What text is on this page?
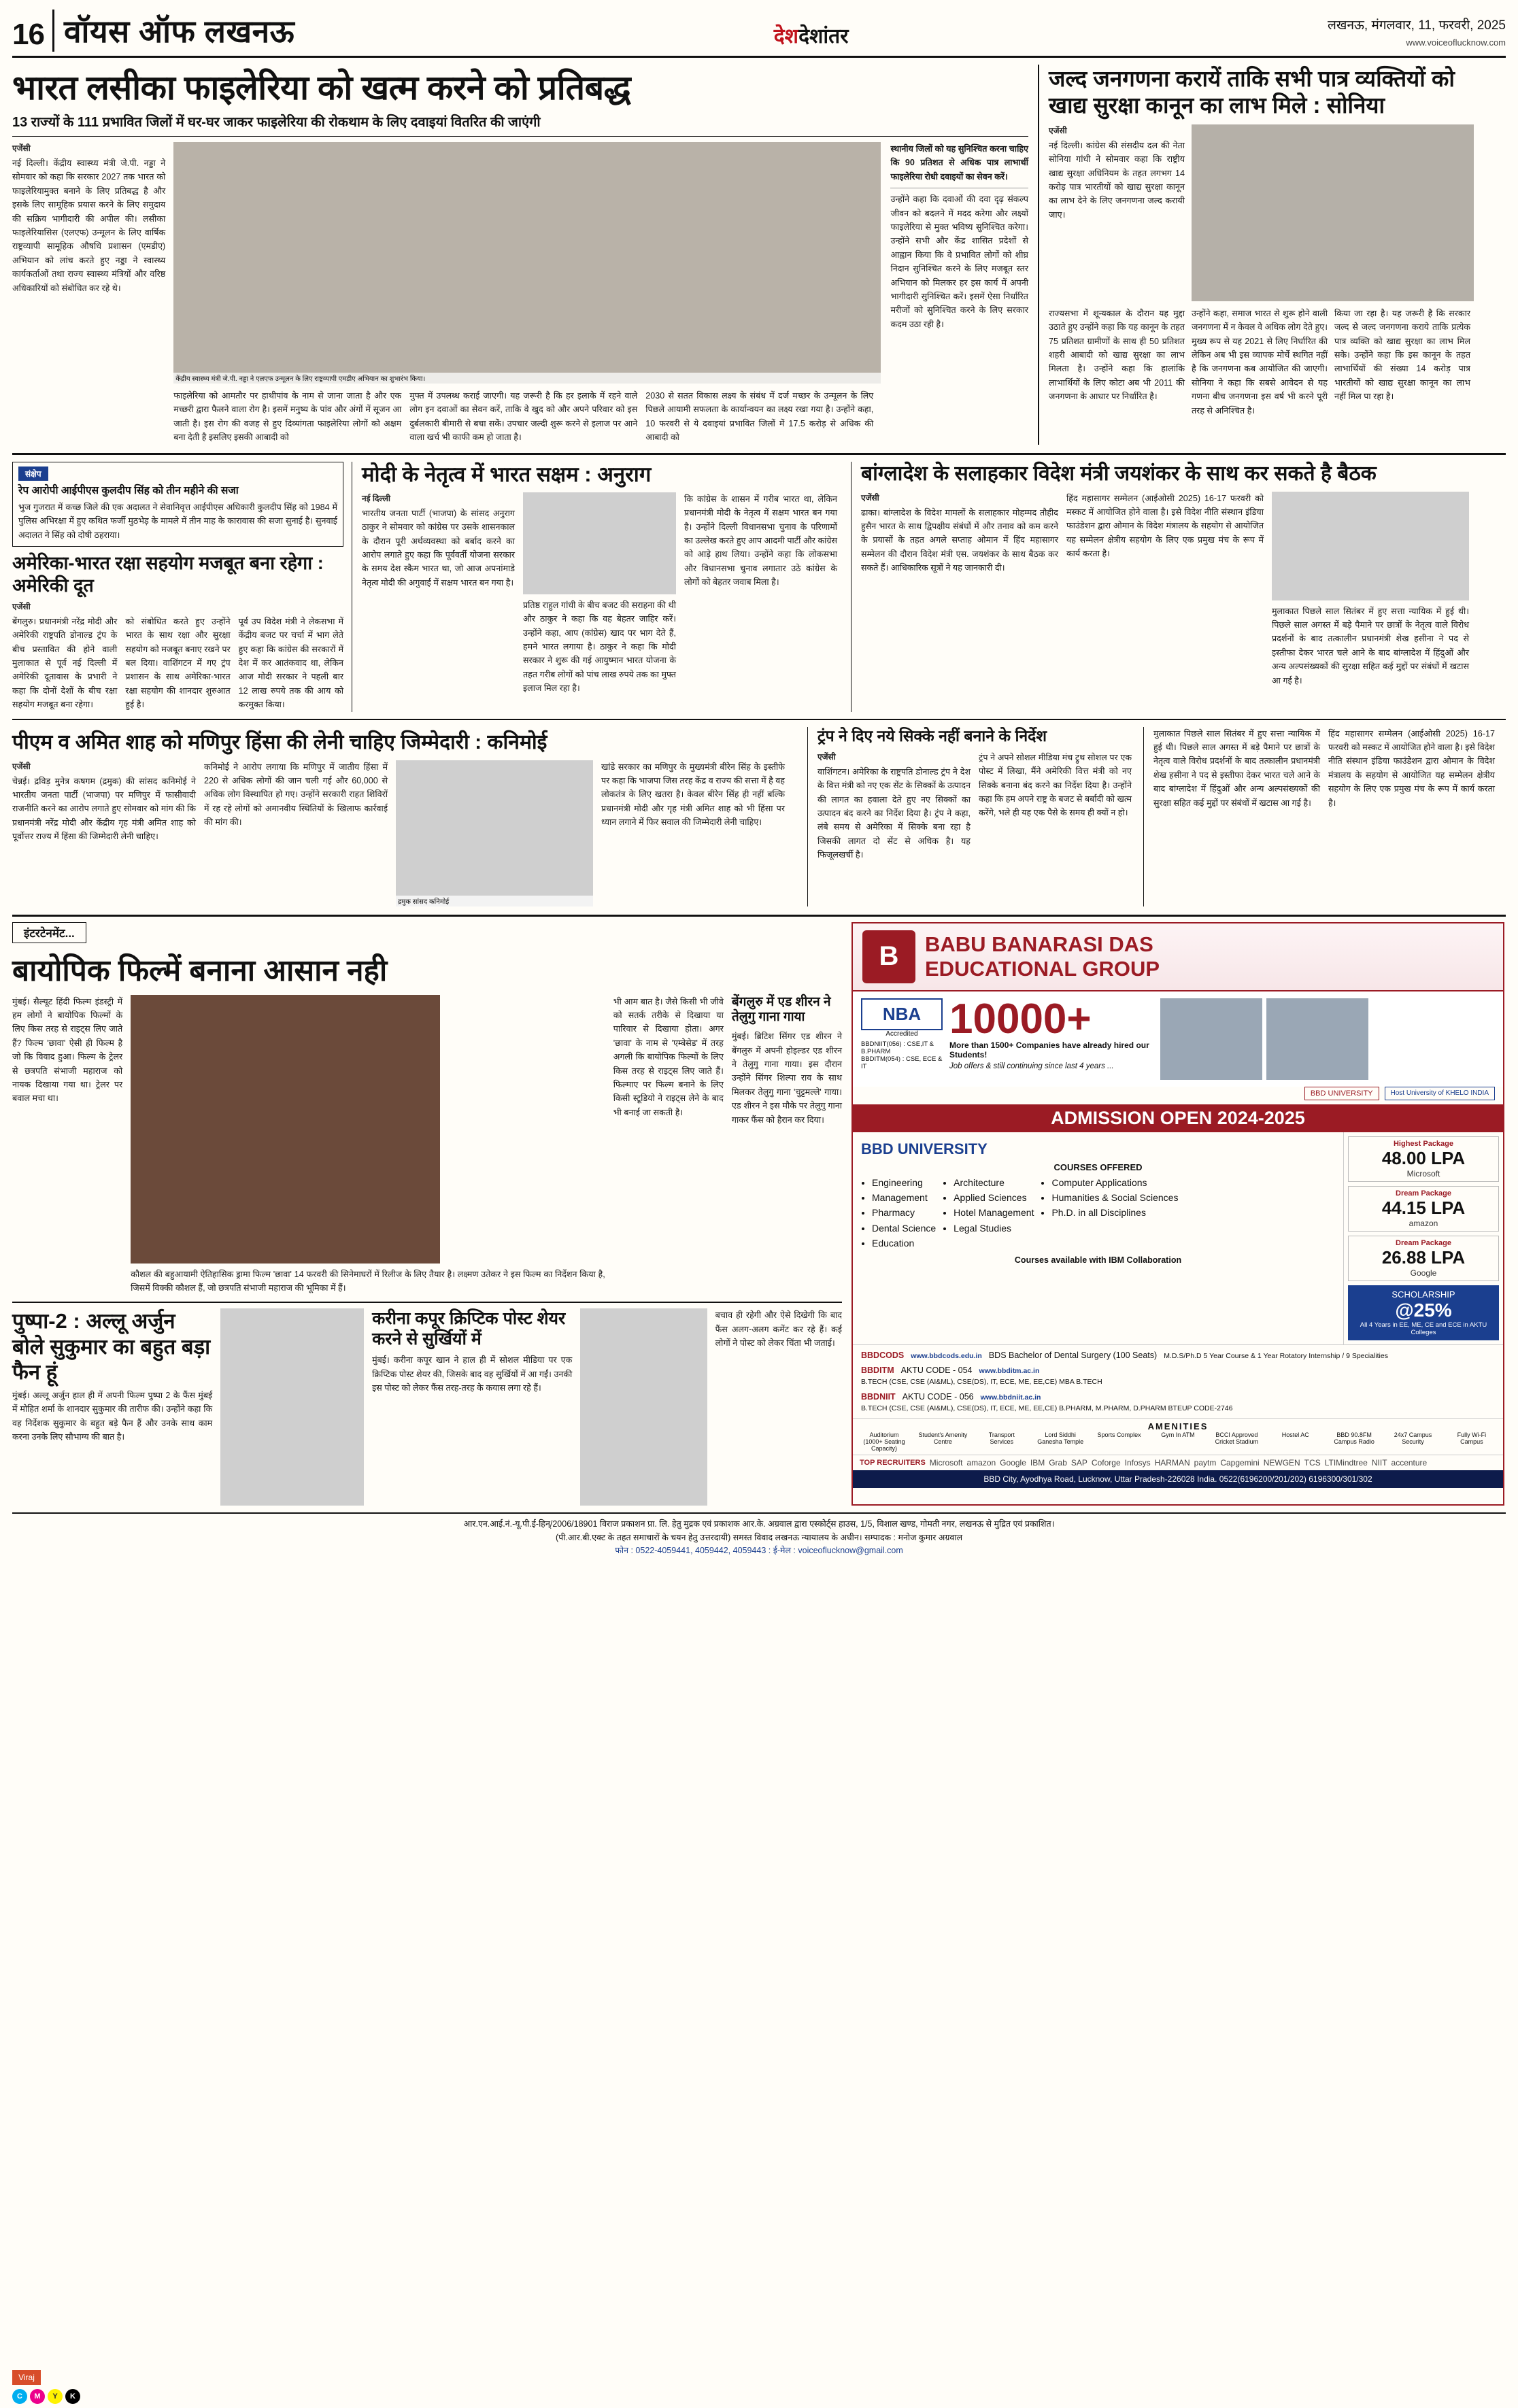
16 वॉयस ऑफ लखनऊ	देशदेशांतर	लखनऊ, मंगलवार, 11, फरवरी, 2025
www.voiceoflucknow.com
भारत लसीका फाइलेरिया को खत्म करने को प्रतिबद्ध
13 राज्यों के 111 प्रभावित जिलों में घर-घर जाकर फाइलेरिया की रोकथाम के लिए दवाइयां वितरित की जाएंगी
एजेंसी
नई दिल्ली। केंद्रीय स्वास्थ्य मंत्री जे.पी. नड्डा ने सोमवार को कहा कि सरकार 2027 तक भारत को फाइलेरियामुक्त बनाने के लिए प्रतिबद्ध है और इसके लिए सामूहिक प्रयास करने के लिए समुदाय की सक्रिय भागीदारी की अपील की। लसीका फाइलेरियासिस (एलएफ) उन्मूलन के लिए वार्षिक राष्ट्रव्यापी सामूहिक औषधि प्रशासन (एमडीए) अभियान को लांच करते हुए नड्डा ने स्वास्थ्य कार्यकर्ताओं तथा राज्य स्वास्थ्य मंत्रियों और वरिष्ठ अधिकारियों को संबोधित कर रहे थे।
केंद्रीय स्वास्थ्य मंत्री जे.पी. नड्डा ने एलएफ उन्मूलन के लिए राष्ट्रव्यापी एमडीए अभियान का शुभारंभ किया।
फाइलेरिया को आमतौर पर हाथीपांव के नाम से जाना जाता है और एक मच्छरी द्वारा फैलने वाला रोग है। इसमें मनुष्य के पांव और अंगों में सूजन आ जाती है। इस रोग की वजह से हुए दिव्यांगता फाइलेरिया लोगों को अक्षम बना देती है इसलिए इसकी आबादी को
मुफ्त में उपलब्ध कराई जाएगी। यह जरूरी है कि हर इलाके में रहने वाले लोग इन दवाओं का सेवन करें, ताकि वे खुद को और अपने परिवार को इस दुर्बलकारी बीमारी से बचा सकें। उपचार जल्दी शुरू करने से इलाज पर आने वाला खर्च भी काफी कम हो जाता है।
2030 से सतत विकास लक्ष्य के संबंध में दर्ज मच्छर के उन्मूलन के लिए पिछले आयामी सफलता के कार्यान्वयन का लक्ष्य रखा गया है। उन्होंने कहा, 10 फरवरी से ये दवाइयां प्रभावित जिलों में 17.5 करोड़ से अधिक की आबादी को
स्थानीय जिलों को यह सुनिश्चित करना चाहिए कि 90 प्रतिशत से अधिक पात्र लाभार्थी फाइलेरिया रोधी दवाइयों का सेवन करें।
उन्होंने कहा कि दवाओं की दवा दृढ़ संकल्प जीवन को बदलने में मदद करेगा और लक्ष्यों फाइलेरिया से मुक्त भविष्य सुनिश्चित करेगा। उन्होंने सभी और केंद्र शासित प्रदेशों से आह्वान किया कि वे प्रभावित लोगों को शीघ्र निदान सुनिश्चित करने के लिए मजबूत स्तर अभियान को मिलकर हर इस कार्य में अपनी भागीदारी सुनिश्चित करें। इसमें ऐसा निर्धारित मरीजों को सुनिश्चित करने के लिए सरकार कदम उठा रही है।
जल्द जनगणना करायें ताकि सभी पात्र व्यक्तियों को खाद्य सुरक्षा कानून का लाभ मिले : सोनिया
एजेंसी
नई दिल्ली। कांग्रेस की संसदीय दल की नेता सोनिया गांधी ने सोमवार कहा कि राष्ट्रीय खाद्य सुरक्षा अधिनियम के तहत लगभग 14 करोड़ पात्र भारतीयों को खाद्य सुरक्षा कानून का लाभ देने के लिए जनगणना जल्द करायी जाए।
राज्यसभा में शून्यकाल के दौरान यह मुद्दा उठाते हुए उन्होंने कहा कि यह कानून के तहत 75 प्रतिशत ग्रामीणों के साथ ही 50 प्रतिशत शहरी आबादी को खाद्य सुरक्षा का लाभ मिलता है। उन्होंने कहा कि हालांकि लाभार्थियों के लिए कोटा अब भी 2011 की जनगणना के आधार पर निर्धारित है।
उन्होंने कहा, समाज भारत से शुरू होने वाली जनगणना में न केवल वे अधिक लोग देते हुए। मुख्य रूप से यह 2021 से लिए निर्धारित की लेकिन अब भी इस व्यापक मोर्चे स्थगित नहीं है कि जनगणना कब आयोजित की जाएगी। सोनिया ने कहा कि सबसे आवेदन से यह गणना बीच जनगणना इस वर्ष भी करने पूरी तरह से अनिश्चित है।
किया जा रहा है। यह जरूरी है कि सरकार जल्द से जल्द जनगणना कराये ताकि प्रत्येक पात्र व्यक्ति को खाद्य सुरक्षा का लाभ मिल सके। उन्होंने कहा कि इस कानून के तहत लाभार्थियों की संख्या 14 करोड़ पात्र भारतीयों को खाद्य सुरक्षा कानून का लाभ नहीं मिल पा रहा है।
संक्षेप
रेप आरोपी आईपीएस कुलदीप सिंह को तीन महीने की सजा
भुज गुजरात में कच्छ जिले की एक अदालत ने सेवानिवृत्त आईपीएस अधिकारी कुलदीप सिंह को 1984 में पुलिस अभिरक्षा में हुए कथित फर्जी मुठभेड़ के मामले में तीन माह के कारावास की सजा सुनाई है। सुनवाई अदालत ने सिंह को दोषी ठहराया।
अमेरिका-भारत रक्षा सहयोग मजबूत बना रहेगा : अमेरिकी दूत
एजेंसी
बेंगलुरु। प्रधानमंत्री नरेंद्र मोदी और अमेरिकी राष्ट्रपति डोनाल्ड ट्रंप के बीच प्रस्तावित की होने वाली मुलाकात से पूर्व नई दिल्ली में अमेरिकी दूतावास के प्रभारी ने कहा कि दोनों देशों के बीच रक्षा सहयोग मजबूत बना रहेगा।
को संबोधित करते हुए उन्होंने भारत के साथ रक्षा और सुरक्षा सहयोग को मजबूत बनाए रखने पर बल दिया। वाशिंगटन में गए ट्रंप प्रशासन के साथ अमेरिका-भारत रक्षा सहयोग की शानदार शुरुआत हुई है।
पूर्व उप विदेश मंत्री ने लेकसभा में केंद्रीय बजट पर चर्चा में भाग लेते हुए कहा कि कांग्रेस की सरकारों में देश में कर आतंकवाद था, लेकिन आज मोदी सरकार ने पहली बार 12 लाख रुपये तक की आय को करमुक्त किया।
मोदी के नेतृत्व में भारत सक्षम : अनुराग
नई दिल्ली
भारतीय जनता पार्टी (भाजपा) के सांसद अनुराग ठाकुर ने सोमवार को कांग्रेस पर उसके शासनकाल के दौरान पूरी अर्थव्यवस्था को बर्बाद करने का आरोप लगाते हुए कहा कि पूर्ववर्ती योजना सरकार के समय देश स्कैम भारत था, जो आज अपनांमाडे नेतृत्व मोदी की अगुवाई में सक्षम भारत बन गया है।
प्रतिष्ठ राहुल गांधी के बीच बजट की सराहना की थी और ठाकुर ने कहा कि वह बेहतर जाहिर करें। उन्होंने कहा, आप (कांग्रेस) खाद पर भाग देते हैं, हमने भारत लगाया है। ठाकुर ने कहा कि मोदी सरकार ने शुरू की गई आयुष्मान भारत योजना के तहत गरीब लोगों को पांच लाख रुपये तक का मुफ्त इलाज मिल रहा है।
कि कांग्रेस के शासन में गरीब भारत था, लेकिन प्रधानमंत्री मोदी के नेतृत्व में सक्षम भारत बन गया है। उन्होंने दिल्ली विधानसभा चुनाव के परिणामों का उल्लेख करते हुए आप आदमी पार्टी और कांग्रेस को आड़े हाथ लिया। उन्होंने कहा कि लोकसभा और विधानसभा चुनाव लगातार उठे कांग्रेस के लोगों को बेहतर जवाब मिला है।
बांग्लादेश के सलाहकार विदेश मंत्री जयशंकर के साथ कर सकते है बैठक
एजेंसी
ढाका। बांग्लादेश के विदेश मामलों के सलाहकार मोहम्मद तौहीद हुसैन भारत के साथ द्विपक्षीय संबंधों में और तनाव को कम करने के प्रयासों के तहत अगले सप्ताह ओमान में हिंद महासागर सम्मेलन की दौरान विदेश मंत्री एस. जयशंकर के साथ बैठक कर सकते हैं। आधिकारिक सूत्रों ने यह जानकारी दी।
हिंद महासागर सम्मेलन (आईओसी 2025) 16-17 फरवरी को मस्कट में आयोजित होने वाला है। इसे विदेश नीति संस्थान इंडिया फाउंडेशन द्वारा ओमान के विदेश मंत्रालय के सहयोग से आयोजित यह सम्मेलन क्षेत्रीय सहयोग के लिए एक प्रमुख मंच के रूप में कार्य करता है।
मुलाकात पिछले साल सितंबर में हुए सत्ता न्यायिक में हुई थी। पिछले साल अगस्त में बड़े पैमाने पर छात्रों के नेतृत्व वाले विरोध प्रदर्शनों के बाद तत्कालीन प्रधानमंत्री शेख हसीना ने पद से इस्तीफा देकर भारत चले आने के बाद बांग्लादेश में हिंदुओं और अन्य अल्पसंख्यकों की सुरक्षा सहित कई मुद्दों पर संबंधों में खटास आ गई है।
पीएम व अमित शाह को मणिपुर हिंसा की लेनी चाहिए जिम्मेदारी : कनिमोई
एजेंसी
चेन्नई। द्रविड़ मुनेत्र कषगम (द्रमुक) की सांसद कनिमोई ने भारतीय जनता पार्टी (भाजपा) पर मणिपुर में फासीवादी राजनीति करने का आरोप लगाते हुए सोमवार को मांग की कि प्रधानमंत्री नरेंद्र मोदी और केंद्रीय गृह मंत्री अमित शाह को पूर्वोत्तर राज्य में हिंसा की जिम्मेदारी लेनी चाहिए।
कनिमोई ने आरोप लगाया कि मणिपुर में जातीय हिंसा में 220 से अधिक लोगों की जान चली गई और 60,000 से अधिक लोग विस्थापित हो गए। उन्होंने सरकारी राहत शिविरों में रह रहे लोगों को अमानवीय स्थितियों के खिलाफ कार्रवाई की मांग की।
द्रमुक सांसद कनिमोई
खांडे सरकार का मणिपुर के मुख्यमंत्री बीरेन सिंह के इस्तीफे पर कहा कि भाजपा जिस तरह केंद्र व राज्य की सत्ता में है वह लोकतंत्र के लिए खतरा है। केवल बीरेन सिंह ही नहीं बल्कि प्रधानमंत्री मोदी और गृह मंत्री अमित शाह को भी हिंसा पर ध्यान लगाने में फिर सवाल की जिम्मेदारी लेनी चाहिए।
ट्रंप ने दिए नये सिक्के नहीं बनाने के निर्देश
एजेंसी
वाशिंगटन। अमेरिका के राष्ट्रपति डोनाल्ड ट्रंप ने देश के वित्त मंत्री को नए एक सेंट के सिक्कों के उत्पादन की लागत का हवाला देते हुए नए सिक्कों का उत्पादन बंद करने का निर्देश दिया है। ट्रंप ने कहा, लंबे समय से अमेरिका में सिक्के बना रहा है जिसकी लागत दो सेंट से अधिक है। यह फिजूलखर्ची है।
ट्रंप ने अपने सोशल मीडिया मंच ट्रुथ सोशल पर एक पोस्ट में लिखा, मैंने अमेरिकी वित्त मंत्री को नए सिक्के बनाना बंद करने का निर्देश दिया है। उन्होंने कहा कि हम अपने राष्ट्र के बजट से बर्बादी को खत्म करेंगे, भले ही यह एक पैसे के समय ही क्यों न हो।
मुलाकात पिछले साल सितंबर में हुए सत्ता न्यायिक में हुई थी। पिछले साल अगस्त में बड़े पैमाने पर छात्रों के नेतृत्व वाले विरोध प्रदर्शनों के बाद तत्कालीन प्रधानमंत्री शेख हसीना ने पद से इस्तीफा देकर भारत चले आने के बाद बांग्लादेश में हिंदुओं और अन्य अल्पसंख्यकों की सुरक्षा सहित कई मुद्दों पर संबंधों में खटास आ गई है।
हिंद महासागर सम्मेलन (आईओसी 2025) 16-17 फरवरी को मस्कट में आयोजित होने वाला है। इसे विदेश नीति संस्थान इंडिया फाउंडेशन द्वारा ओमान के विदेश मंत्रालय के सहयोग से आयोजित यह सम्मेलन क्षेत्रीय सहयोग के लिए एक प्रमुख मंच के रूप में कार्य करता है।
इंटरटेनमेंट...
बायोपिक फिल्में बनाना आसान नही
मुंबई। सैल्यूट हिंदी फिल्म इंडस्ट्री में हम लोगों ने बायोपिक फिल्मों के लिए किस तरह से राइट्स लिए जाते हैं? फिल्म 'छावा' ऐसी ही फिल्म है जो कि विवाद हुआ। फिल्म के ट्रेलर से छत्रपति संभाजी महाराज को नायक दिखाया गया था। ट्रेलर पर बवाल मचा था।
कौशल की बहुआयामी ऐतिहासिक ड्रामा फिल्म 'छावा' 14 फरवरी की सिनेमाघरों में रिलीज के लिए तैयार है। लक्ष्मण उतेकर ने इस फिल्म का निर्देशन किया है, जिसमें विक्की कौशल हैं, जो छत्रपति संभाजी महाराज की भूमिका में हैं।
भी आम बात है। जैसे किसी भी जीवे को सतर्क तरीके से दिखाया या पारिवार से दिखाया होता। अगर 'छावा' के नाम से 'एम्बेसेड' में तरह अगली कि बायोपिक फिल्मों के लिए किस तरह से राइट्स लिए जाते हैं। फिल्माए पर फिल्म बनाने के लिए किसी स्टूडियो ने राइट्स लेने के बाद भी बनाई जा सकती है।
बेंगलुरु में एड शीरन ने तेलुगु गाना गाया
मुंबई। ब्रिटिश सिंगर एड शीरन ने बेंगलुरु में अपनी होइल्डर एड शीरन ने तेलुगु गाना गाया। इस दौरान उन्होंने सिंगर शिल्पा राव के साथ मिलकर तेलुगु गाना 'चुट्टमल्ले' गाया। एड शीरन ने इस मौके पर तेलुगु गाना गाकर फैंस को हैरान कर दिया।
पुष्पा-2 : अल्लू अर्जुन बोले सुकुमार का बहुत बड़ा फैन हूं
मुंबई। अल्लू अर्जुन हाल ही में अपनी फिल्म पुष्पा 2 के फैंस मुंबई में मोहित शर्मा के शानदार सुकुमार की तारीफ की। उन्होंने कहा कि वह निर्देशक सुकुमार के बहुत बड़े फैन हैं और उनके साथ काम करना उनके लिए सौभाग्य की बात है।
करीना कपूर क्रिप्टिक पोस्ट शेयर करने से सुर्खियों में
मुंबई। करीना कपूर खान ने हाल ही में सोशल मीडिया पर एक क्रिप्टिक पोस्ट शेयर की, जिसके बाद वह सुर्खियों में आ गईं। उनकी इस पोस्ट को लेकर फैंस तरह-तरह के कयास लगा रहे हैं।
बचाव ही रहेगी और ऐसे दिखेगी कि बाद फैंस अलग-अलग कमेंट कर रहे हैं। कई लोगों ने पोस्ट को लेकर चिंता भी जताई।
B	BABU BANARASI DAS
EDUCATIONAL GROUP
NBA
Accredited
BBDNIIT(056) : CSE,IT & B.PHARM
BBDITM(054) : CSE, ECE & IT
10000+
More than 1500+ Companies have already hired our Students!
Job offers & still continuing since last 4 years ...
BBD UNIVERSITY	Host University of KHELO INDIA
ADMISSION OPEN 2024-2025
BBD UNIVERSITY
COURSES OFFERED
• Engineering
• Management
• Pharmacy
• Dental Science
• Education
• Architecture
• Applied Sciences
• Hotel Management
• Legal Studies
• Computer Applications
• Humanities & Social Sciences
• Ph.D. in all Disciplines
Courses available with IBM Collaboration
Highest Package
48.00 LPA
Microsoft
Dream Package
44.15 LPA
amazon
Dream Package
26.88 LPA
Google
SCHOLARSHIP
@25%
All 4 Years in EE, ME, CE and ECE in AKTU Colleges
BBDCODS www.bbdcods.edu.in BDS Bachelor of Dental Surgery (100 Seats) M.D.S/Ph.D 5 Year Course & 1 Year Rotatory Internship / 9 Specialities
BBDITM AKTU CODE - 054 www.bbditm.ac.in
B.TECH (CSE, CSE (AI&ML), CSE(DS), IT, ECE, ME, EE,CE) MBA B.TECH
BBDNIIT AKTU CODE - 056 www.bbdniit.ac.in
B.TECH (CSE, CSE (AI&ML), CSE(DS), IT, ECE, ME, EE,CE) B.PHARM, M.PHARM, D.PHARM BTEUP CODE-2746
AMENITIES
Auditorium (1000+ Seating Capacity)
Student's Amenity Centre
Transport Services
Lord Siddhi Ganesha Temple
Sports Complex	Gym In ATM	BCCI Approved Cricket Stadium
Hostel AC	BBD 90.8FM Campus Radio
24x7 Campus Security
Fully Wi-Fi Campus
TOP RECRUITERS Microsoft amazon Google IBM Grab SAP Coforge Infosys HARMAN paytm Capgemini NEWGEN TCS LTIMindtree NIIT accenture
BBD City, Ayodhya Road, Lucknow, Uttar Pradesh-226028 India. 0522(6196200/201/202) 6196300/301/302
आर.एन.आई.नं.-यू.पी.ई-हिन्/2006/18901 विराज प्रकाशन प्रा. लि. हेतु मुद्रक एवं प्रकाशक आर.के. अग्रवाल द्वारा एस्कोर्ट्स हाउस, 1/5, विशाल खण्ड, गोमती नगर, लखनऊ से मुद्रित एवं प्रकाशित।
(पी.आर.बी.एक्ट के तहत समाचारों के चयन हेतु उत्तरदायी) समस्त विवाद लखनऊ न्यायालय के अधीन। सम्पादक : मनोज कुमार अग्रवाल
फोन : 0522-4059441, 4059442, 4059443 : ई-मेल : voiceoflucknow@gmail.com
Viraj
C	M	Y	K
